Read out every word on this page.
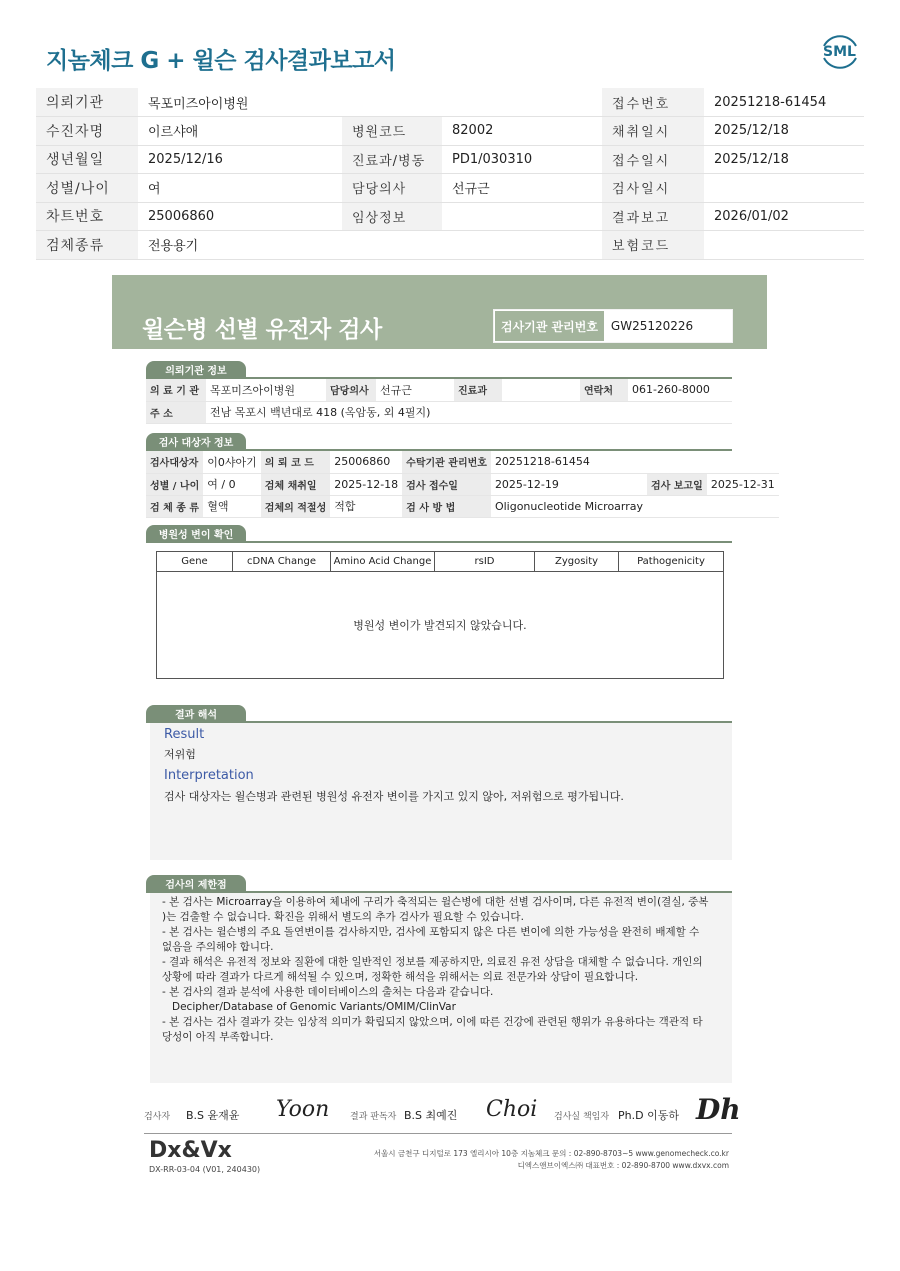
지놈체크 G + 윌슨 검사결과보고서	SML
의뢰기관	목포미즈아이병원			접수번호	20251218-61454
수진자명	이르샤애	병원코드	82002	채취일시	2025/12/18
생년월일	2025/12/16	진료과/병동	PD1/030310	접수일시	2025/12/18
성별/나이	여	담당의사	선규근	검사일시	
차트번호	25006860	임상정보		결과보고	2026/01/02
검체종류	전용용기			보험코드	
윌슨병 선별 유전자 검사	검사기관 관리번호	GW25120226
의뢰기관 정보
의 료 기 관	목포미즈아이병원	담당의사	선규근	진료과		연락처	061-260-8000
주 소	전남 목포시 백년대로 418 (옥암동, 외 4필지)						
검사 대상자 정보
검사대상자	이0샤아기	의 뢰 코 드	25006860	수탁기관 관리번호	20251218-61454		
성별 / 나이	여 / 0	검체 채취일	2025-12-18	검사 접수일	2025-12-19	검사 보고일	2025-12-31
검 체 종 류	혈액	검체의 적절성	적합	검 사 방 법	Oligonucleotide Microarray		
병원성 변이 확인
Gene	cDNA Change	Amino Acid Change	rsID	Zygosity	Pathogenicity
병원성 변이가 발견되지 않았습니다.
결과 해석
Result
저위험
Interpretation
검사 대상자는 윌슨병과 관련된 병원성 유전자 변이를 가지고 있지 않아, 저위험으로 평가됩니다.
검사의 제한점
- 본 검사는 Microarray을 이용하여 체내에 구리가 축적되는 윌슨병에 대한 선별 검사이며, 다른 유전적 변이(결실, 중복
)는 검출할 수 없습니다. 확진을 위해서 별도의 추가 검사가 필요할 수 있습니다.
- 본 검사는 윌슨병의 주요 돌연변이를 검사하지만, 검사에 포함되지 않은 다른 변이에 의한 가능성을 완전히 배제할 수
없음을 주의해야 합니다.
- 결과 해석은 유전적 정보와 질환에 대한 일반적인 정보를 제공하지만, 의료진 유전 상담을 대체할 수 없습니다. 개인의
상황에 따라 결과가 다르게 해석될 수 있으며, 정확한 해석을 위해서는 의료 전문가와 상담이 필요합니다.
- 본 검사의 결과 분석에 사용한 데이터베이스의 출처는 다음과 같습니다.
Decipher/Database of Genomic Variants/OMIM/ClinVar
- 본 검사는 검사 결과가 갖는 임상적 의미가 확립되지 않았으며, 이에 따른 건강에 관련된 행위가 유용하다는 객관적 타
당성이 아직 부족합니다.
검사자 B.S 윤재윤 Yoon 결과 판독자 B.S 최예진 Choi 검사실 책임자 Ph.D 이동하 Dh
Dx&Vx
DX-RR-03-04 (V01, 240430)
서울시 금천구 디지털로 173 엘리시아 10층 지놈체크 문의 : 02-890-8703~5 www.genomecheck.co.kr
디엑스앤브이엑스㈜ 대표번호 : 02-890-8700 www.dxvx.com
